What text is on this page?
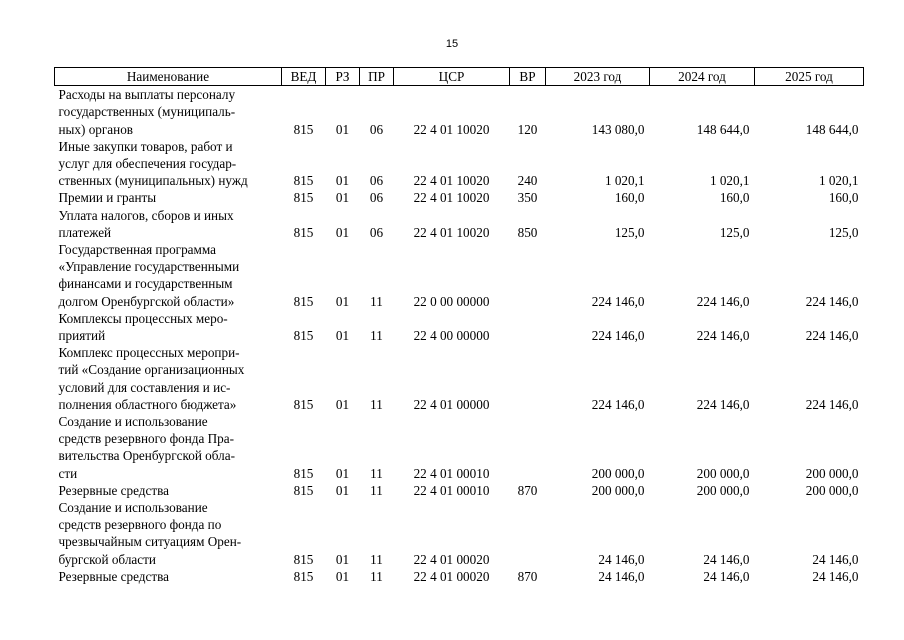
15
Наименование	ВЕД	РЗ	ПР	ЦСР	ВР	2023 год	2024 год	2025 год

Расходы на выплаты персоналу
государственных (муниципаль-
ных) органов	815	01	06	22 4 01 10020	120	143 080,0	148 644,0	148 644,0

Иные закупки товаров, работ и
услуг для обеспечения государ-
ственных (муниципальных) нужд	815	01	06	22 4 01 10020	240	1 020,1	1 020,1	1 020,1

Премии и гранты	815	01	06	22 4 01 10020	350	160,0	160,0	160,0

Уплата налогов, сборов и иных
платежей	815	01	06	22 4 01 10020	850	125,0	125,0	125,0

Государственная программа
«Управление государственными
финансами и государственным
долгом Оренбургской области»	815	01	11	22 0 00 00000		224 146,0	224 146,0	224 146,0

Комплексы процессных меро-
приятий	815	01	11	22 4 00 00000		224 146,0	224 146,0	224 146,0

Комплекс процессных меропри-
тий «Создание организационных
условий для составления и ис-
полнения областного бюджета»	815	01	11	22 4 01 00000		224 146,0	224 146,0	224 146,0

Создание и использование
средств резервного фонда Пра-
вительства Оренбургской обла-
сти	815	01	11	22 4 01 00010		200 000,0	200 000,0	200 000,0

Резервные средства	815	01	11	22 4 01 00010	870	200 000,0	200 000,0	200 000,0

Создание и использование
средств резервного фонда по
чрезвычайным ситуациям Орен-
бургской области	815	01	11	22 4 01 00020		24 146,0	24 146,0	24 146,0

Резервные средства	815	01	11	22 4 01 00020	870	24 146,0	24 146,0	24 146,0
